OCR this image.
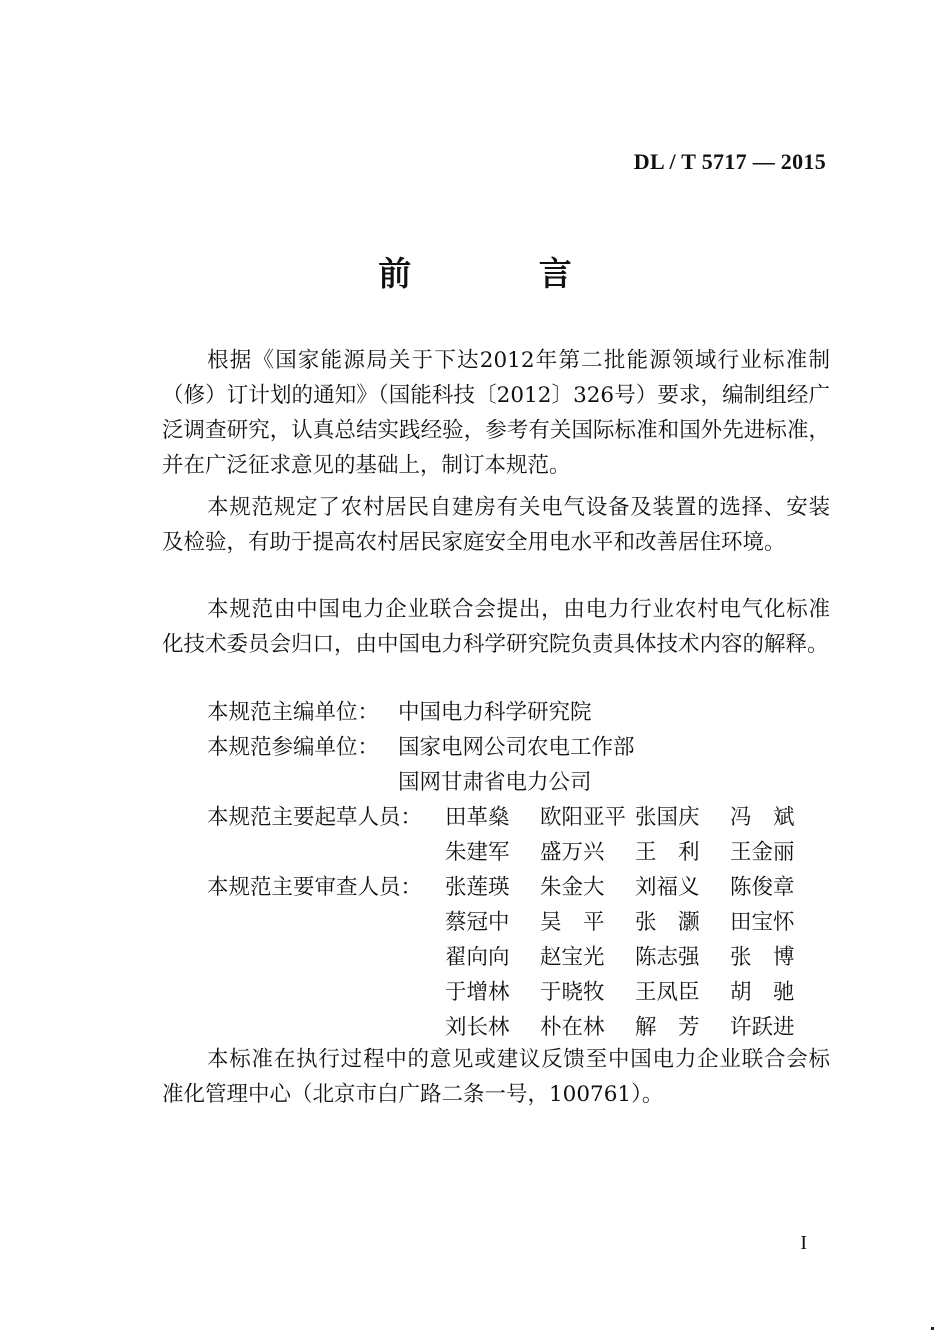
DL / T 5717 — 2015
前 言

根据《国家能源局关于下达2012年第二批能源领域行业标准制（修）订计划的通知》（国能科技〔2012〕326号）要求，编制组经广泛调查研究，认真总结实践经验，参考有关国际标准和国外先进标准，并在广泛征求意见的基础上，制订本规范。

本规范规定了农村居民自建房有关电气设备及装置的选择、安装及检验，有助于提高农村居民家庭安全用电水平和改善居住环境。

本规范由中国电力企业联合会提出，由电力行业农村电气化标准化技术委员会归口，由中国电力科学研究院负责具体技术内容的解释。

本规范主编单位： 中国电力科学研究院
本规范参编单位： 国家电网公司农电工作部
国网甘肃省电力公司
本规范主要起草人员： 田革燊	欧阳亚平 张国庆	冯　斌
朱建军	盛万兴	王　利	王金丽
本规范主要审查人员： 张莲瑛	朱金大	刘福义	陈俊章
蔡冠中	吴　平	张　灏	田宝怀
翟向向	赵宝光	陈志强	张　博
于增林	于晓牧	王凤臣	胡　驰
刘长林	朴在林	解　芳	许跃进

本标准在执行过程中的意见或建议反馈至中国电力企业联合会标准化管理中心（北京市白广路二条一号，100761）。

I
